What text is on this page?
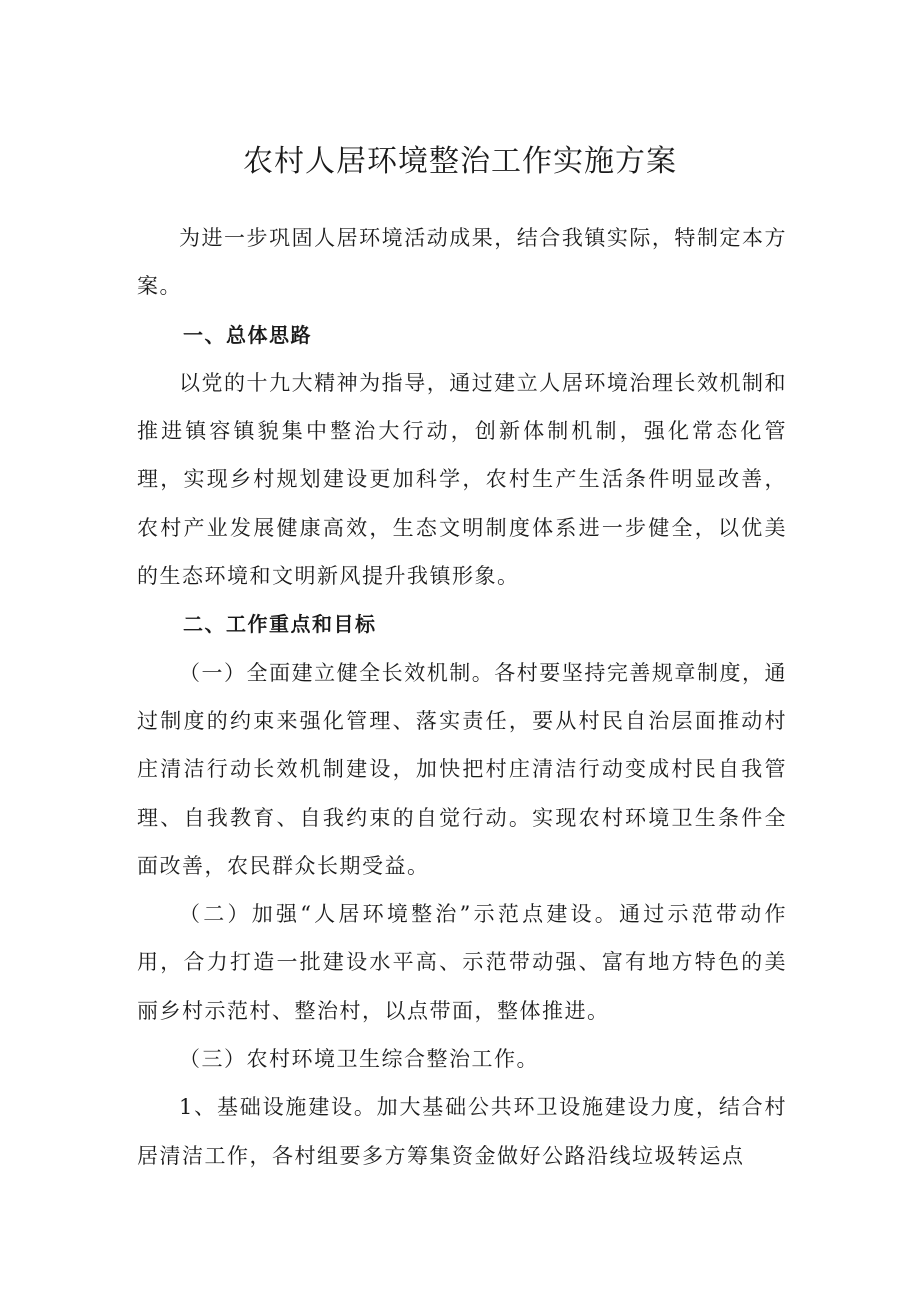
农村人居环境整治工作实施方案

为进一步巩固人居环境活动成果，结合我镇实际，特制定本方案。

一、总体思路

以党的十九大精神为指导，通过建立人居环境治理长效机制和推进镇容镇貌集中整治大行动，创新体制机制，强化常态化管理，实现乡村规划建设更加科学，农村生产生活条件明显改善，农村产业发展健康高效，生态文明制度体系进一步健全，以优美的生态环境和文明新风提升我镇形象。

二、工作重点和目标

（一）全面建立健全长效机制。各村要坚持完善规章制度，通过制度的约束来强化管理、落实责任，要从村民自治层面推动村庄清洁行动长效机制建设，加快把村庄清洁行动变成村民自我管理、自我教育、自我约束的自觉行动。实现农村环境卫生条件全面改善，农民群众长期受益。

（二）加强“人居环境整治”示范点建设。通过示范带动作用，合力打造一批建设水平高、示范带动强、富有地方特色的美丽乡村示范村、整治村，以点带面，整体推进。

（三）农村环境卫生综合整治工作。

1、基础设施建设。加大基础公共环卫设施建设力度，结合村居清洁工作，各村组要多方筹集资金做好公路沿线垃圾转运点
